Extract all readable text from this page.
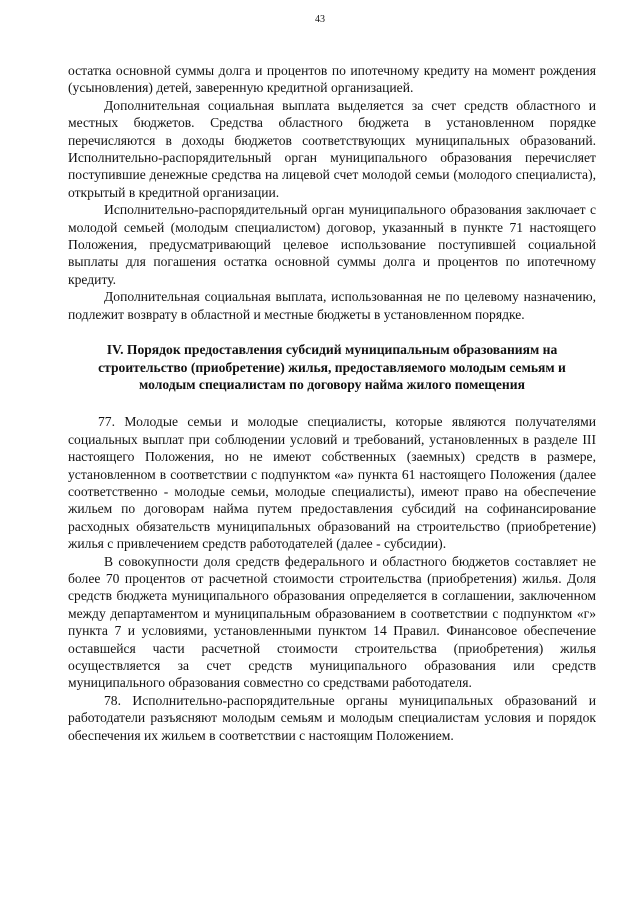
43

остатка основной суммы долга и процентов по ипотечному кредиту на момент рождения (усыновления) детей, заверенную кредитной организацией.

Дополнительная социальная выплата выделяется за счет средств областного и местных бюджетов. Средства областного бюджета в установленном порядке перечисляются в доходы бюджетов соответствующих муниципальных образований. Исполнительно-распорядительный орган муниципального образования перечисляет поступившие денежные средства на лицевой счет молодой семьи (молодого специалиста), открытый в кредитной организации.

Исполнительно-распорядительный орган муниципального образования заключает с молодой семьей (молодым специалистом) договор, указанный в пункте 71 настоящего Положения, предусматривающий целевое использование поступившей социальной выплаты для погашения остатка основной суммы долга и процентов по ипотечному кредиту.

Дополнительная социальная выплата, использованная не по целевому назначению, подлежит возврату в областной и местные бюджеты в установленном порядке.

IV. Порядок предоставления субсидий муниципальным образованиям на строительство (приобретение) жилья, предоставляемого молодым семьям и молодым специалистам по договору найма жилого помещения

77. Молодые семьи и молодые специалисты, которые являются получателями социальных выплат при соблюдении условий и требований, установленных в разделе III настоящего Положения, но не имеют собственных (заемных) средств в размере, установленном в соответствии с подпунктом «а» пункта 61 настоящего Положения (далее соответственно - молодые семьи, молодые специалисты), имеют право на обеспечение жильем по договорам найма путем предоставления субсидий на софинансирование расходных обязательств муниципальных образований на строительство (приобретение) жилья с привлечением средств работодателей (далее - субсидии).

В совокупности доля средств федерального и областного бюджетов составляет не более 70 процентов от расчетной стоимости строительства (приобретения) жилья. Доля средств бюджета муниципального образования определяется в соглашении, заключенном между департаментом и муниципальным образованием в соответствии с подпунктом «г» пункта 7 и условиями, установленными пунктом 14 Правил. Финансовое обеспечение оставшейся части расчетной стоимости строительства (приобретения) жилья осуществляется за счет средств муниципального образования или средств муниципального образования совместно со средствами работодателя.

78. Исполнительно-распорядительные органы муниципальных образований и работодатели разъясняют молодым семьям и молодым специалистам условия и порядок обеспечения их жильем в соответствии с настоящим Положением.
